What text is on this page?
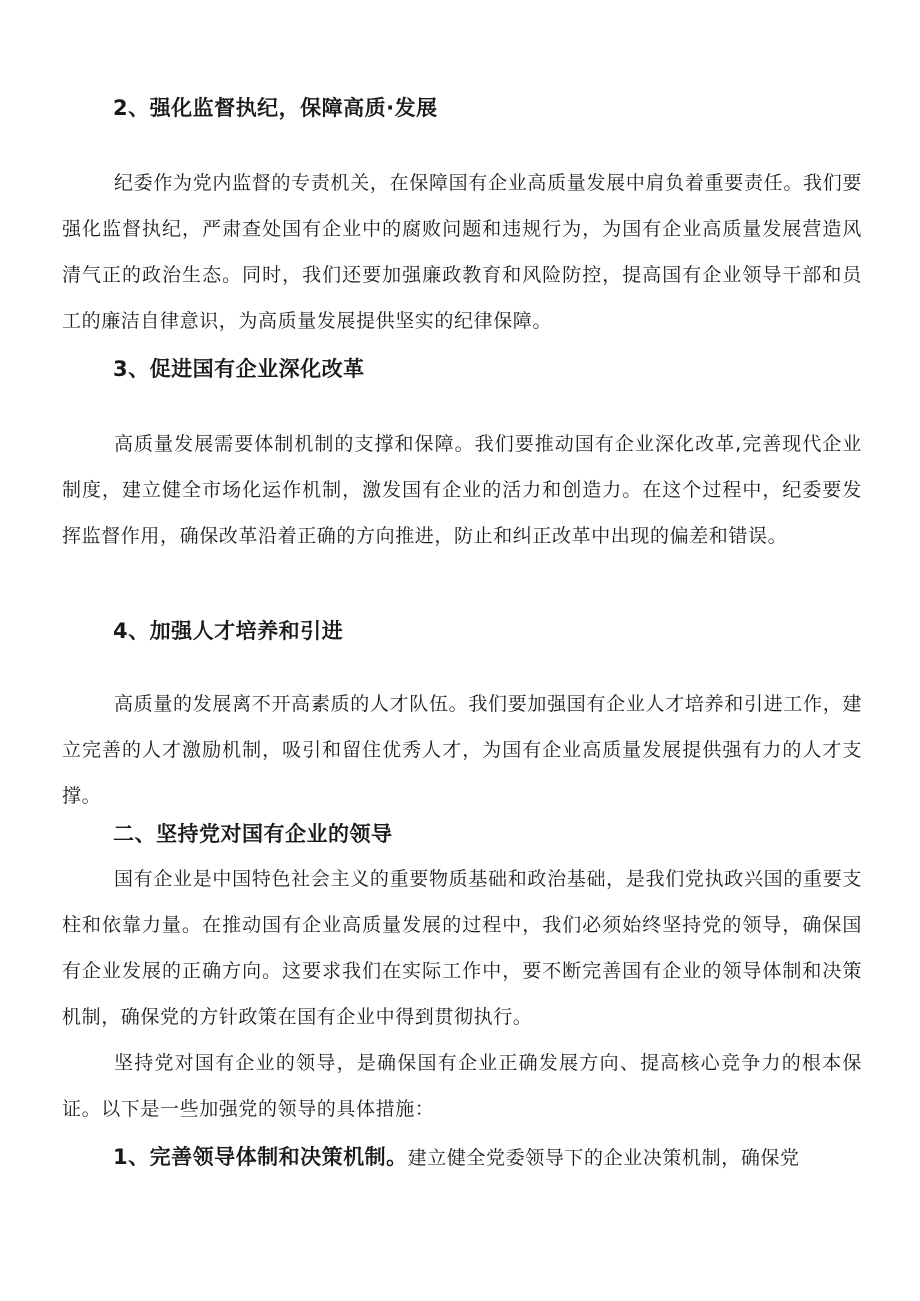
2、强化监督执纪，保障高质·发展
纪委作为党内监督的专责机关，在保障国有企业高质量发展中肩负着重要责任。我们要强化监督执纪，严肃查处国有企业中的腐败问题和违规行为，为国有企业高质量发展营造风清气正的政治生态。同时，我们还要加强廉政教育和风险防控，提高国有企业领导干部和员工的廉洁自律意识，为高质量发展提供坚实的纪律保障。
3、促进国有企业深化改革
高质量发展需要体制机制的支撑和保障。我们要推动国有企业深化改革,完善现代企业制度，建立健全市场化运作机制，激发国有企业的活力和创造力。在这个过程中，纪委要发挥监督作用，确保改革沿着正确的方向推进，防止和纠正改革中出现的偏差和错误。
4、加强人才培养和引进
高质量的发展离不开高素质的人才队伍。我们要加强国有企业人才培养和引进工作，建立完善的人才激励机制，吸引和留住优秀人才，为国有企业高质量发展提供强有力的人才支撑。
二、坚持党对国有企业的领导
国有企业是中国特色社会主义的重要物质基础和政治基础，是我们党执政兴国的重要支柱和依靠力量。在推动国有企业高质量发展的过程中，我们必须始终坚持党的领导，确保国有企业发展的正确方向。这要求我们在实际工作中，要不断完善国有企业的领导体制和决策机制，确保党的方针政策在国有企业中得到贯彻执行。
坚持党对国有企业的领导，是确保国有企业正确发展方向、提高核心竞争力的根本保证。以下是一些加强党的领导的具体措施：
1、完善领导体制和决策机制。建立健全党委领导下的企业决策机制，确保党
